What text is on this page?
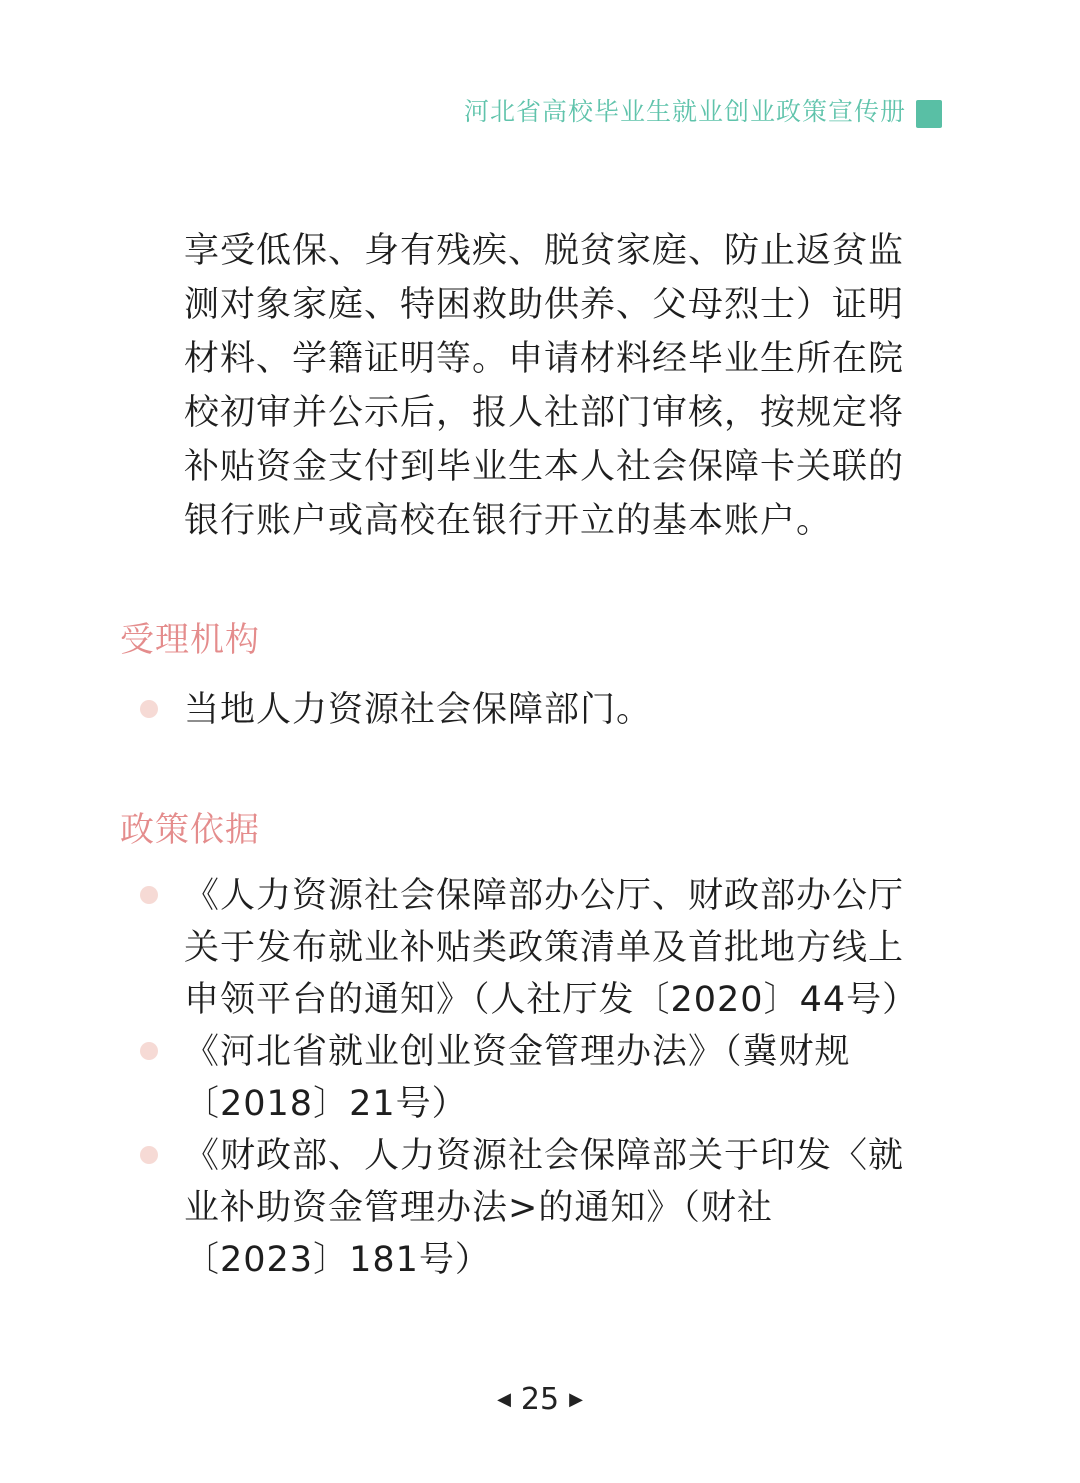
河北省高校毕业生就业创业政策宣传册

享受低保、身有残疾、脱贫家庭、防止返贫监测对象家庭、特困救助供养、父母烈士）证明材料、学籍证明等。申请材料经毕业生所在院校初审并公示后，报人社部门审核，按规定将补贴资金支付到毕业生本人社会保障卡关联的银行账户或高校在银行开立的基本账户。

受理机构
当地人力资源社会保障部门。
政策依据
《人力资源社会保障部办公厅、财政部办公厅关于发布就业补贴类政策清单及首批地方线上申领平台的通知》（人社厅发〔2020〕44号）
《河北省就业创业资金管理办法》（冀财规〔2018〕21号）
《财政部、人力资源社会保障部关于印发〈就业补助资金管理办法>的通知》（财社〔2023〕181号）
◀ 25 ▶
